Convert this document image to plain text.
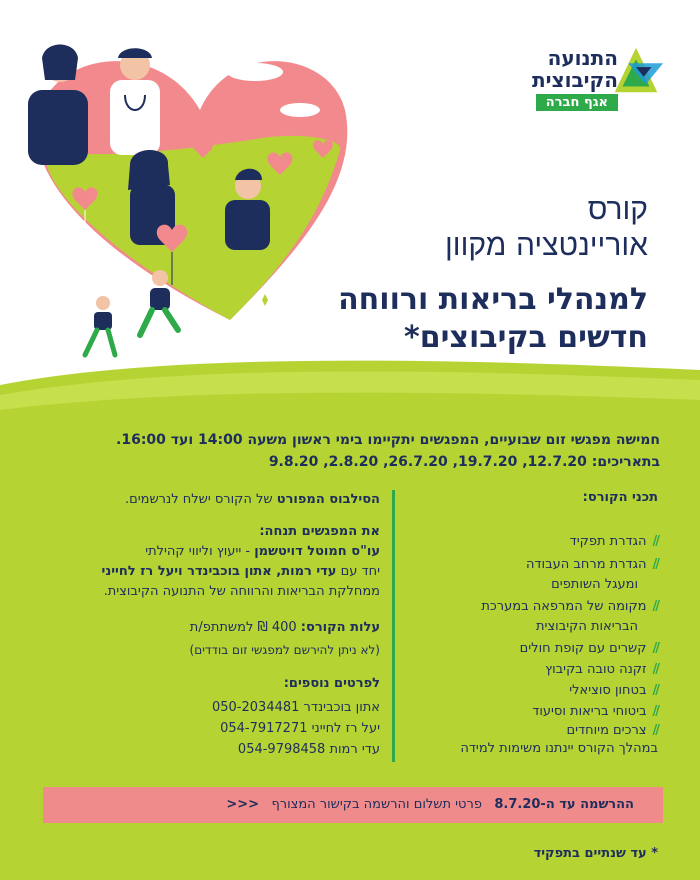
התנועה
הקיבוצית
אגף חברה
קורס
אוריינטציה מקוון
למנהלי בריאות ורווחה
חדשים בקיבוצים*
חמישה מפגשי זום שבועיים, המפגשים יתקיימו בימי ראשון משעה 14:00 ועד 16:00.
בתאריכים: 12.7.20, 19.7.20, 26.7.20, 2.8.20, 9.8.20
תכני הקורס:
//הגדרת תפקיד
//הגדרת מרחב העבודה
ומעגל השותפים
//מקומה של המרפאה במערכת
הבריאות הקיבוצית
//קשרים עם קופת חולים
//זקנה טובה בקיבוץ
//בטחון סוציאלי
//ביטוחי בריאות וסיעוד
//צרכים מיוחדים
במהלך הקורס יינתנו משימות למידה
הסילבוס המפורט של הקורס ישלח לנרשמים.
את המפגשים תנחה:
עו"ס חמוטל דויטשמן - ייעוץ וליווי קהילתי
יחד עם עדי רמות, אתון בוכבינדר ויעל רז לחייני
ממחלקת הבריאות והרווחה של התנועה הקיבוצית.
עלות הקורס: 400 ₪ למשתתפ/ת
(לא ניתן להירשם למפגשי זום בודדים)
לפרטים נוספים:
אתון בוכבינדר 050-2034481
יעל רז לחייני 054-7917271
עדי רמות 054-9798458
ההרשמה עד ה-8.7.20   פרטי תשלום והרשמה בקישור המצורף   <<<
* עד שנתיים בתפקיד
